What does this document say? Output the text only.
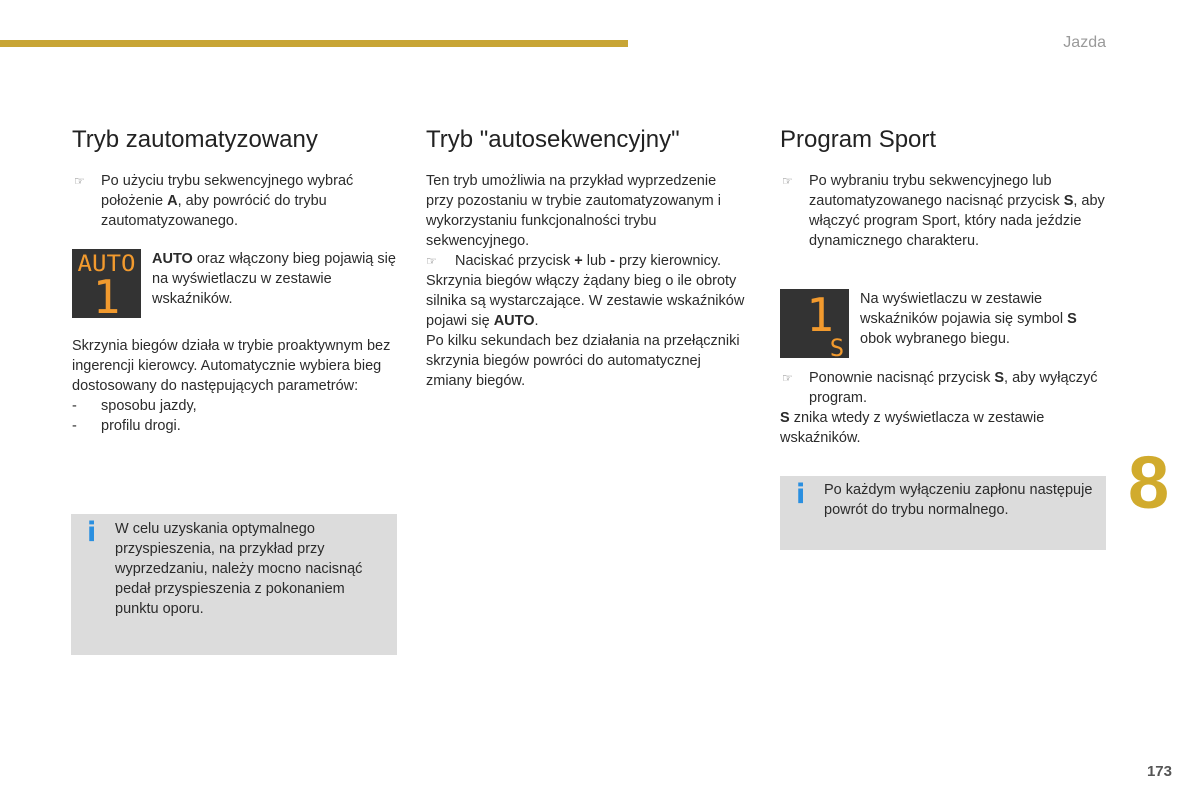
Jazda
8
173
Tryb zautomatyzowany

☞ Po użyciu trybu sekwencyjnego wybrać położenie A, aby powrócić do trybu zautomatyzowanego.

AUTO
1

AUTO oraz włączony bieg pojawią się na wyświetlaczu w zestawie wskaźników.

Skrzynia biegów działa w trybie proaktywnym bez ingerencji kierowcy. Automatycznie wybiera bieg dostosowany do następujących parametrów:

- sposobu jazdy,
- profilu drogi.
i W celu uzyskania optymalnego przyspieszenia, na przykład przy wyprzedzaniu, należy mocno nacisnąć pedał przyspieszenia z pokonaniem punktu oporu.
Tryb "autosekwencyjny"

Ten tryb umożliwia na przykład wyprzedzenie przy pozostaniu w trybie zautomatyzowanym i wykorzystaniu funkcjonalności trybu sekwencyjnego.

☞ Naciskać przycisk + lub - przy kierownicy.

Skrzynia biegów włączy żądany bieg o ile obroty silnika są wystarczające. W zestawie wskaźników pojawi się AUTO.

Po kilku sekundach bez działania na przełączniki skrzynia biegów powróci do automatycznej zmiany biegów.

Program Sport

☞ Po wybraniu trybu sekwencyjnego lub zautomatyzowanego nacisnąć przycisk S, aby włączyć program Sport, który nada jeździe dynamicznego charakteru.

1
S

Na wyświetlaczu w zestawie wskaźników pojawia się symbol S obok wybranego biegu.

☞ Ponownie nacisnąć przycisk S, aby wyłączyć program.

S znika wtedy z wyświetlacza w zestawie wskaźników.

i Po każdym wyłączeniu zapłonu następuje powrót do trybu normalnego.
